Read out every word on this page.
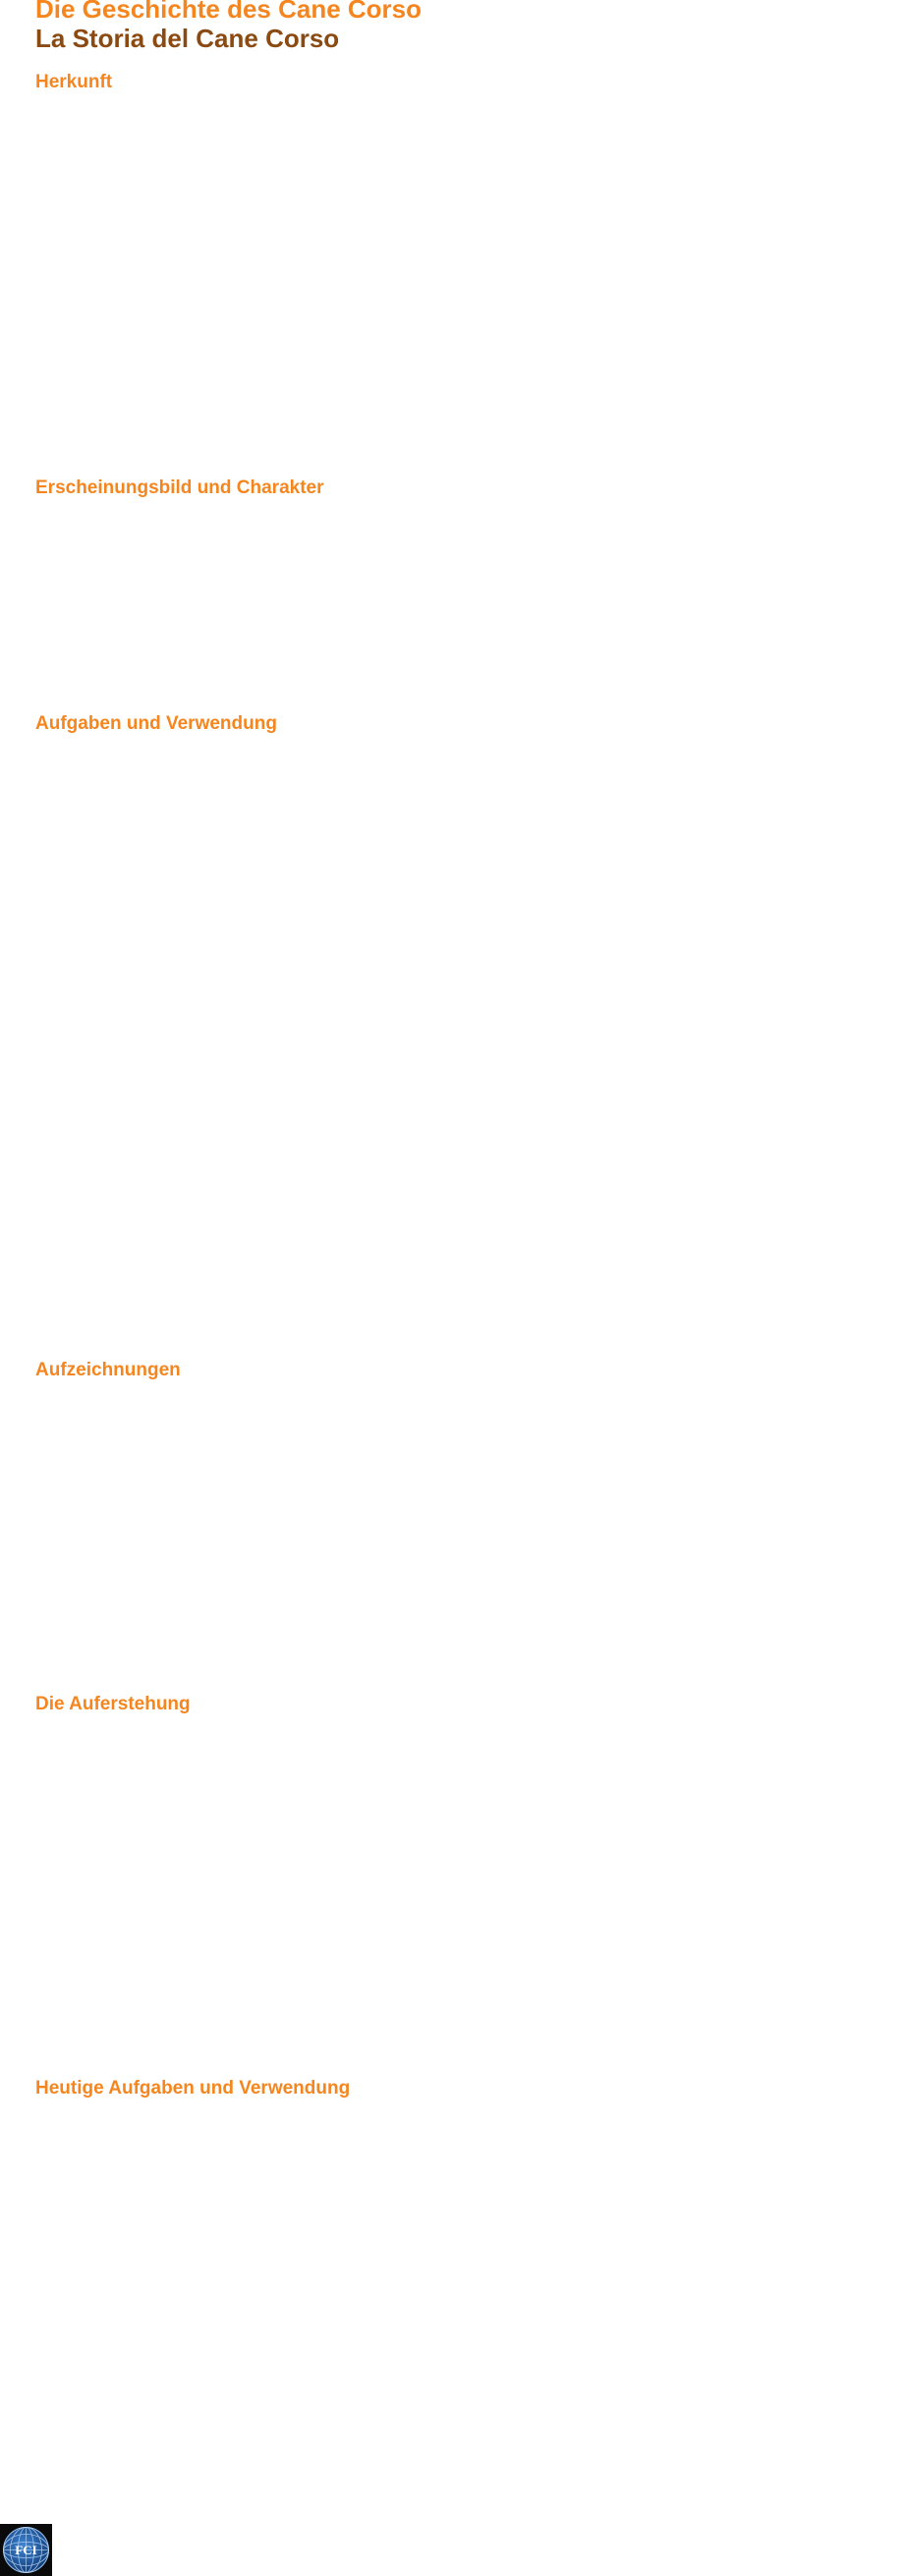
Die Geschichte des Cane Corso
La Storia del Cane Corso
Herkunft
Erscheinungsbild und Charakter
Aufgaben und Verwendung
Aufzeichnungen
Die Auferstehung
Heutige Aufgaben und Verwendung
FCI
